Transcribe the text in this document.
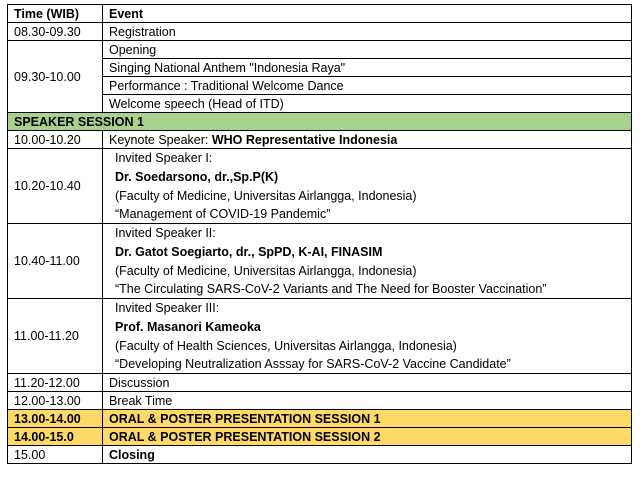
Time (WIB)	Event
08.30-09.30	Registration
09.30-10.00	Opening
	Singing National Anthem "Indonesia Raya"
	Performance : Traditional Welcome Dance
	Welcome speech (Head of ITD)
SPEAKER SESSION 1	
10.00-10.20	Keynote Speaker: WHO Representative Indonesia
10.20-10.40	Invited Speaker I:
Dr. Soedarsono, dr.,Sp.P(K)
(Faculty of Medicine, Universitas Airlangga, Indonesia)
“Management of COVID-19 Pandemic”

10.40-11.00	Invited Speaker II:
Dr. Gatot Soegiarto, dr., SpPD, K-AI, FINASIM
(Faculty of Medicine, Universitas Airlangga, Indonesia)
“The Circulating SARS-CoV-2 Variants and The Need for Booster Vaccination”

11.00-11.20	Invited Speaker III:
Prof. Masanori Kameoka
(Faculty of Health Sciences, Universitas Airlangga, Indonesia)
“Developing Neutralization Asssay for SARS-CoV-2 Vaccine Candidate”

11.20-12.00	Discussion
12.00-13.00	Break Time
13.00-14.00	ORAL & POSTER PRESENTATION SESSION 1
14.00-15.0	ORAL & POSTER PRESENTATION SESSION 2
15.00	Closing
